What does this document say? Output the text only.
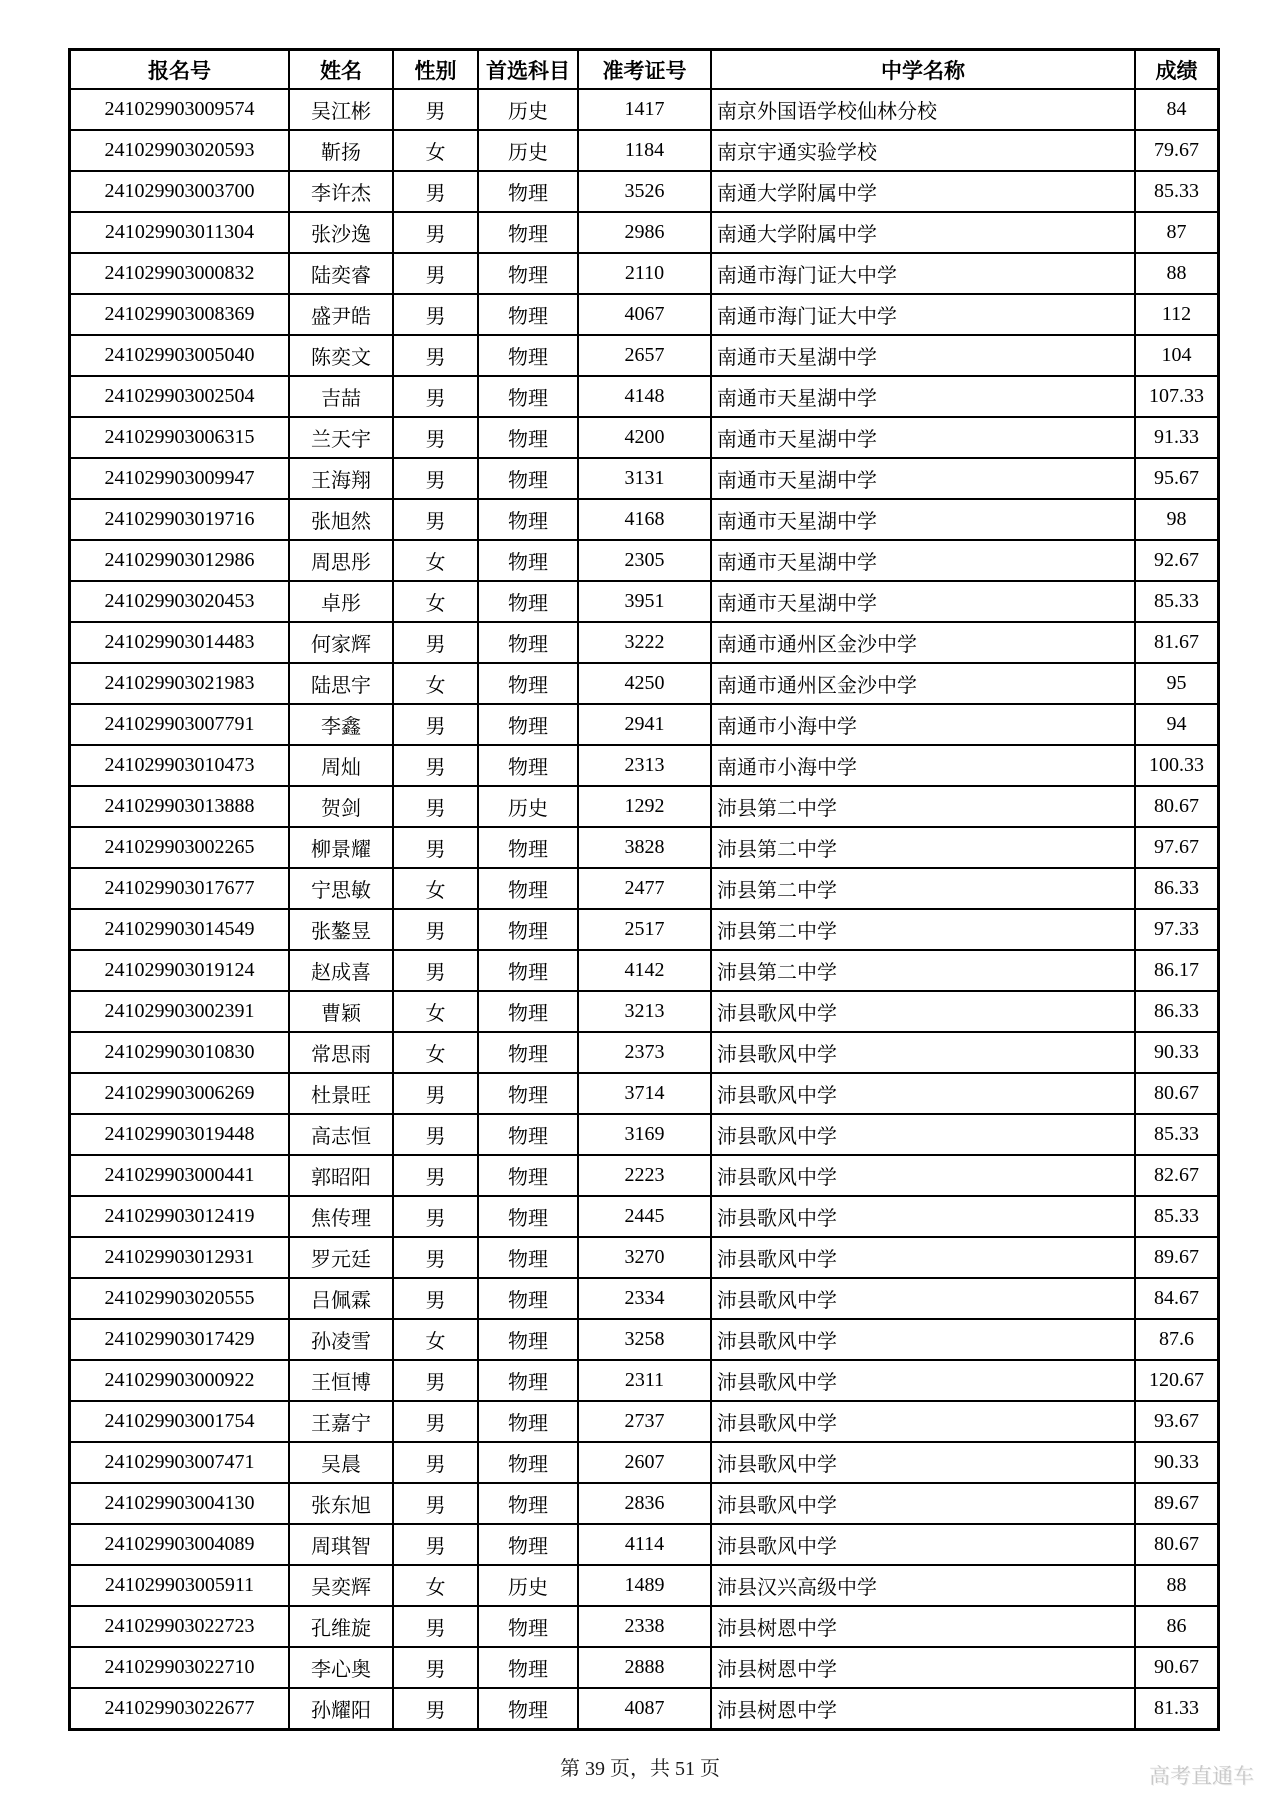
报名号	姓名	性别	首选科目	准考证号	中学名称	成绩
241029903009574	吴江彬	男	历史	1417	南京外国语学校仙林分校	84
241029903020593	靳扬	女	历史	1184	南京宇通实验学校	79.67
241029903003700	李许杰	男	物理	3526	南通大学附属中学	85.33
241029903011304	张沙逸	男	物理	2986	南通大学附属中学	87
241029903000832	陆奕睿	男	物理	2110	南通市海门证大中学	88
241029903008369	盛尹皓	男	物理	4067	南通市海门证大中学	112
241029903005040	陈奕文	男	物理	2657	南通市天星湖中学	104
241029903002504	吉喆	男	物理	4148	南通市天星湖中学	107.33
241029903006315	兰天宇	男	物理	4200	南通市天星湖中学	91.33
241029903009947	王海翔	男	物理	3131	南通市天星湖中学	95.67
241029903019716	张旭然	男	物理	4168	南通市天星湖中学	98
241029903012986	周思彤	女	物理	2305	南通市天星湖中学	92.67
241029903020453	卓彤	女	物理	3951	南通市天星湖中学	85.33
241029903014483	何家辉	男	物理	3222	南通市通州区金沙中学	81.67
241029903021983	陆思宇	女	物理	4250	南通市通州区金沙中学	95
241029903007791	李鑫	男	物理	2941	南通市小海中学	94
241029903010473	周灿	男	物理	2313	南通市小海中学	100.33
241029903013888	贺剑	男	历史	1292	沛县第二中学	80.67
241029903002265	柳景耀	男	物理	3828	沛县第二中学	97.67
241029903017677	宁思敏	女	物理	2477	沛县第二中学	86.33
241029903014549	张鏊昱	男	物理	2517	沛县第二中学	97.33
241029903019124	赵成喜	男	物理	4142	沛县第二中学	86.17
241029903002391	曹颖	女	物理	3213	沛县歌风中学	86.33
241029903010830	常思雨	女	物理	2373	沛县歌风中学	90.33
241029903006269	杜景旺	男	物理	3714	沛县歌风中学	80.67
241029903019448	高志恒	男	物理	3169	沛县歌风中学	85.33
241029903000441	郭昭阳	男	物理	2223	沛县歌风中学	82.67
241029903012419	焦传理	男	物理	2445	沛县歌风中学	85.33
241029903012931	罗元廷	男	物理	3270	沛县歌风中学	89.67
241029903020555	吕佩霖	男	物理	2334	沛县歌风中学	84.67
241029903017429	孙凌雪	女	物理	3258	沛县歌风中学	87.6
241029903000922	王恒博	男	物理	2311	沛县歌风中学	120.67
241029903001754	王嘉宁	男	物理	2737	沛县歌风中学	93.67
241029903007471	吴晨	男	物理	2607	沛县歌风中学	90.33
241029903004130	张东旭	男	物理	2836	沛县歌风中学	89.67
241029903004089	周琪智	男	物理	4114	沛县歌风中学	80.67
241029903005911	吴奕辉	女	历史	1489	沛县汉兴高级中学	88
241029903022723	孔维旋	男	物理	2338	沛县树恩中学	86
241029903022710	李心奥	男	物理	2888	沛县树恩中学	90.67
241029903022677	孙耀阳	男	物理	4087	沛县树恩中学	81.33
第 39 页，共 51 页	高考直通车
